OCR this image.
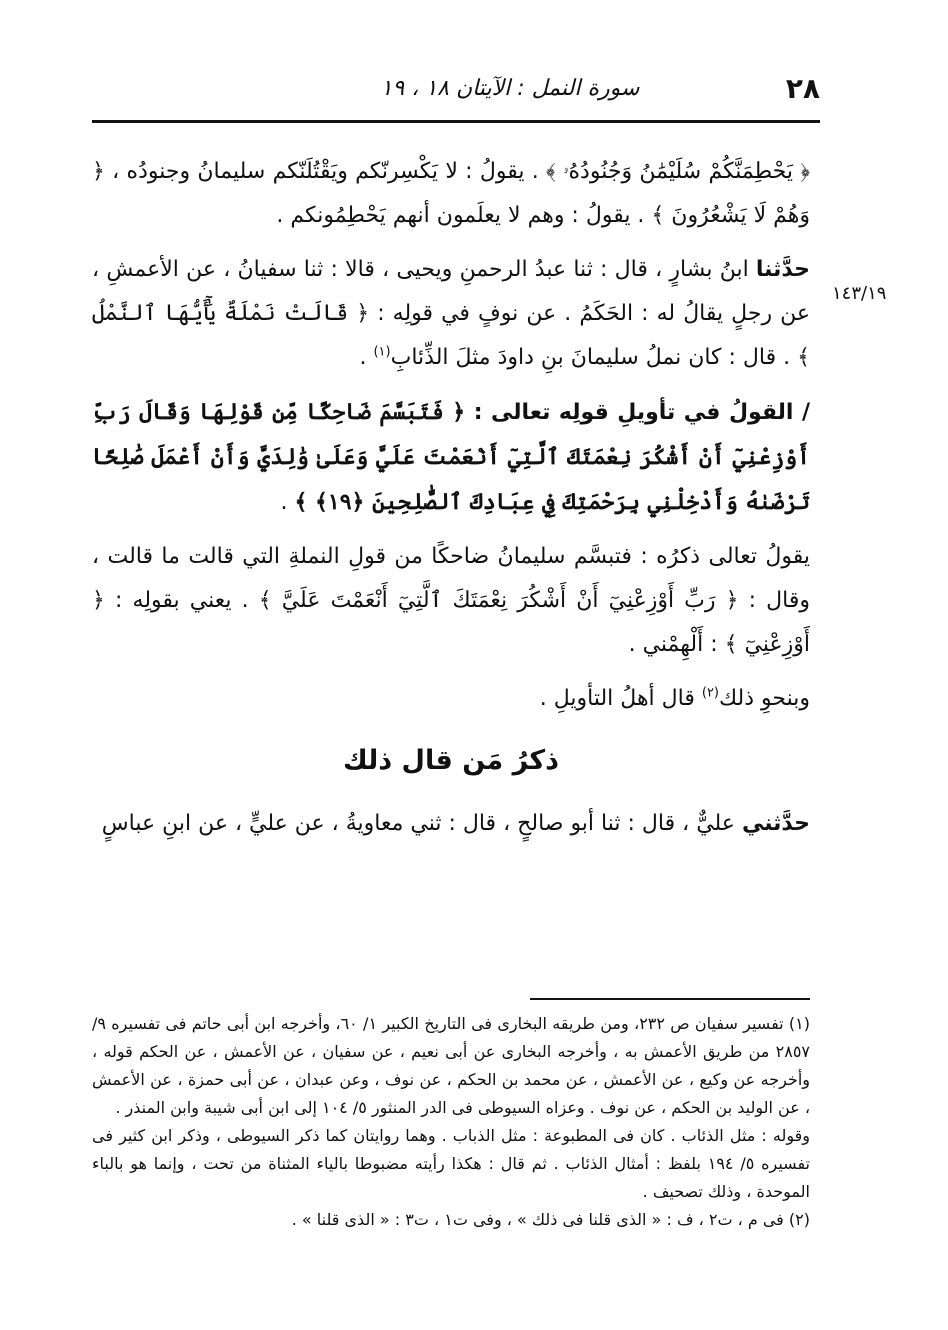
٢٨
سورة النمل : الآيتان ١٨ ، ١٩
١٤٣/١٩

﴿ يَحْطِمَنَّكُمْ سُلَيْمَٰنُ وَجُنُودُهُۥ ﴾ . يقولُ : لا يَكْسِرنّكم ويَقْتُلَنّكم سليمانُ وجنودُه ، ﴿ وَهُمْ لَا يَشْعُرُونَ ﴾ . يقولُ : وهم لا يعلَمون أنهم يَحْطِمُونكم .

حدَّثنا ابنُ بشارٍ ، قال : ثنا عبدُ الرحمنِ ويحيى ، قالا : ثنا سفيانُ ، عن الأعمشِ ، عن رجلٍ يقالُ له : الحَكَمُ . عن نوفٍ في قولِه : ﴿ قَالَتْ نَمْلَةٌ يَٰٓأَيُّهَا ٱلنَّمْلُ ﴾ . قال : كان نملُ سليمانَ بنِ داودَ مثلَ الذِّئابِ$^{(١)}$ .

/ القولُ في تأويلِ قولِه تعالى : ﴿ فَتَبَسَّمَ ضَاحِكًا مِّن قَوْلِهَا وَقَالَ رَبِّ أَوْزِعْنِيٓ أَنْ أَشْكُرَ نِعْمَتَكَ ٱلَّتِيٓ أَنْعَمْتَ عَلَيَّ وَعَلَىٰ وَٰلِدَيَّ وَأَنْ أَعْمَلَ صَٰلِحًا تَرْضَىٰهُ وَأَدْخِلْنِي بِرَحْمَتِكَ فِي عِبَادِكَ ٱلصَّٰلِحِينَ ﴿١٩﴾ ﴾ .

يقولُ تعالى ذكرُه : فتبسَّم سليمانُ ضاحكًا من قولِ النملةِ التي قالت ما قالت ، وقال : ﴿ رَبِّ أَوْزِعْنِيٓ أَنْ أَشْكُرَ نِعْمَتَكَ ٱلَّتِيٓ أَنْعَمْتَ عَلَيَّ ﴾ . يعني بقولِه : ﴿ أَوْزِعْنِيٓ ﴾ : أَلْهِمْني .

وبنحوِ ذلك$^{(٢)}$ قال أهلُ التأويلِ .

ذكرُ مَن قال ذلك

حدَّثني عليٌّ ، قال : ثنا أبو صالحٍ ، قال : ثني معاويةُ ، عن عليٍّ ، عن ابنِ عباسٍ

(١) تفسير سفيان ص ٢٣٢، ومن طريقه البخارى فى التاريخ الكبير ١/ ٦٠، وأخرجه ابن أبى حاتم فى تفسيره ٩/ ٢٨٥٧ من طريق الأعمش به ، وأخرجه البخارى عن أبى نعيم ، عن سفيان ، عن الأعمش ، عن الحكم قوله ، وأخرجه عن وكيع ، عن الأعمش ، عن محمد بن الحكم ، عن نوف ، وعن عبدان ، عن أبى حمزة ، عن الأعمش ، عن الوليد بن الحكم ، عن نوف . وعزاه السيوطى فى الدر المنثور ٥/ ١٠٤ إلى ابن أبى شيبة وابن المنذر .

وقوله : مثل الذئاب . كان فى المطبوعة : مثل الذباب . وهما روايتان كما ذكر السيوطى ، وذكر ابن كثير فى تفسيره ٥/ ١٩٤ بلفظ : أمثال الذئاب . ثم قال : هكذا رأيته مضبوطا بالياء المثناة من تحت ، وإنما هو بالباء الموحدة ، وذلك تصحيف .

(٢) فى م ، ت٢ ، ف : « الذى قلنا فى ذلك » ، وفى ت١ ، ت٣ : « الذى قلنا » .
